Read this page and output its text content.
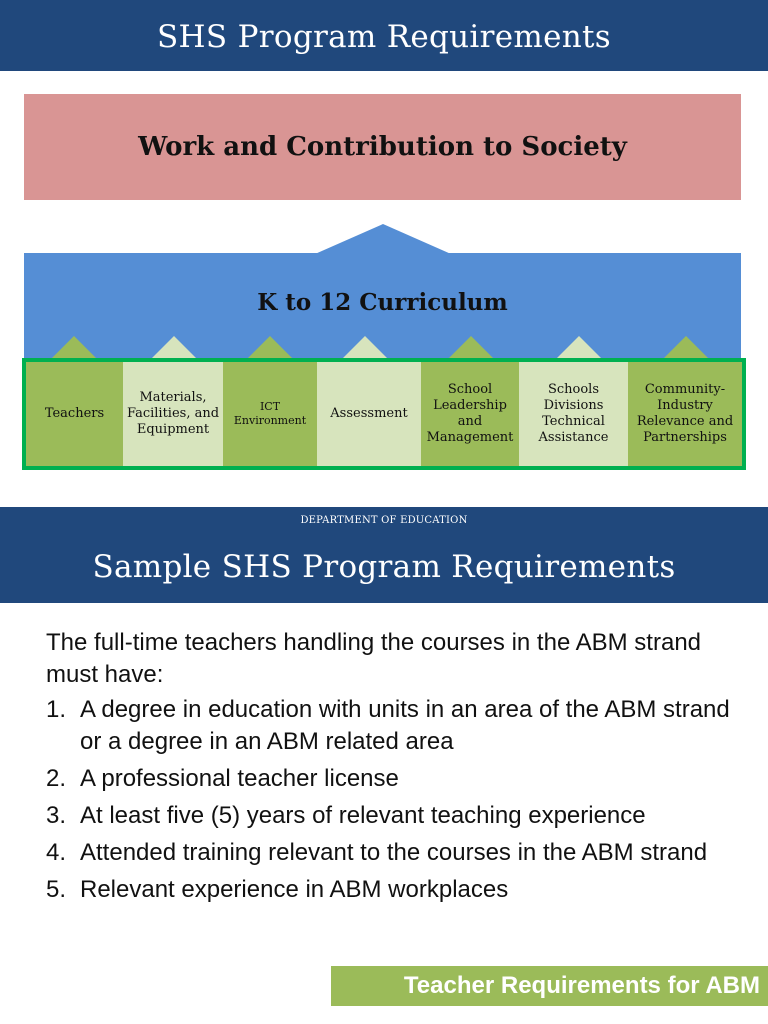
SHS Program Requirements
Work and Contribution to Society
K to 12 Curriculum
Teachers
Materials, Facilities, and Equipment
ICT Environment	Assessment
School Leadership and Management
Schools Divisions Technical Assistance
Community-Industry Relevance and Partnerships
DEPARTMENT OF EDUCATION
Sample SHS Program Requirements

The full-time teachers handling the courses in the ABM strand must have:

1. A degree in education with units in an area of the ABM strand or a degree in an ABM related area
2. A professional teacher license
3. At least five (5) years of relevant teaching experience
4. Attended training relevant to the courses in the ABM strand
5. Relevant experience in ABM workplaces
Teacher Requirements for ABM
